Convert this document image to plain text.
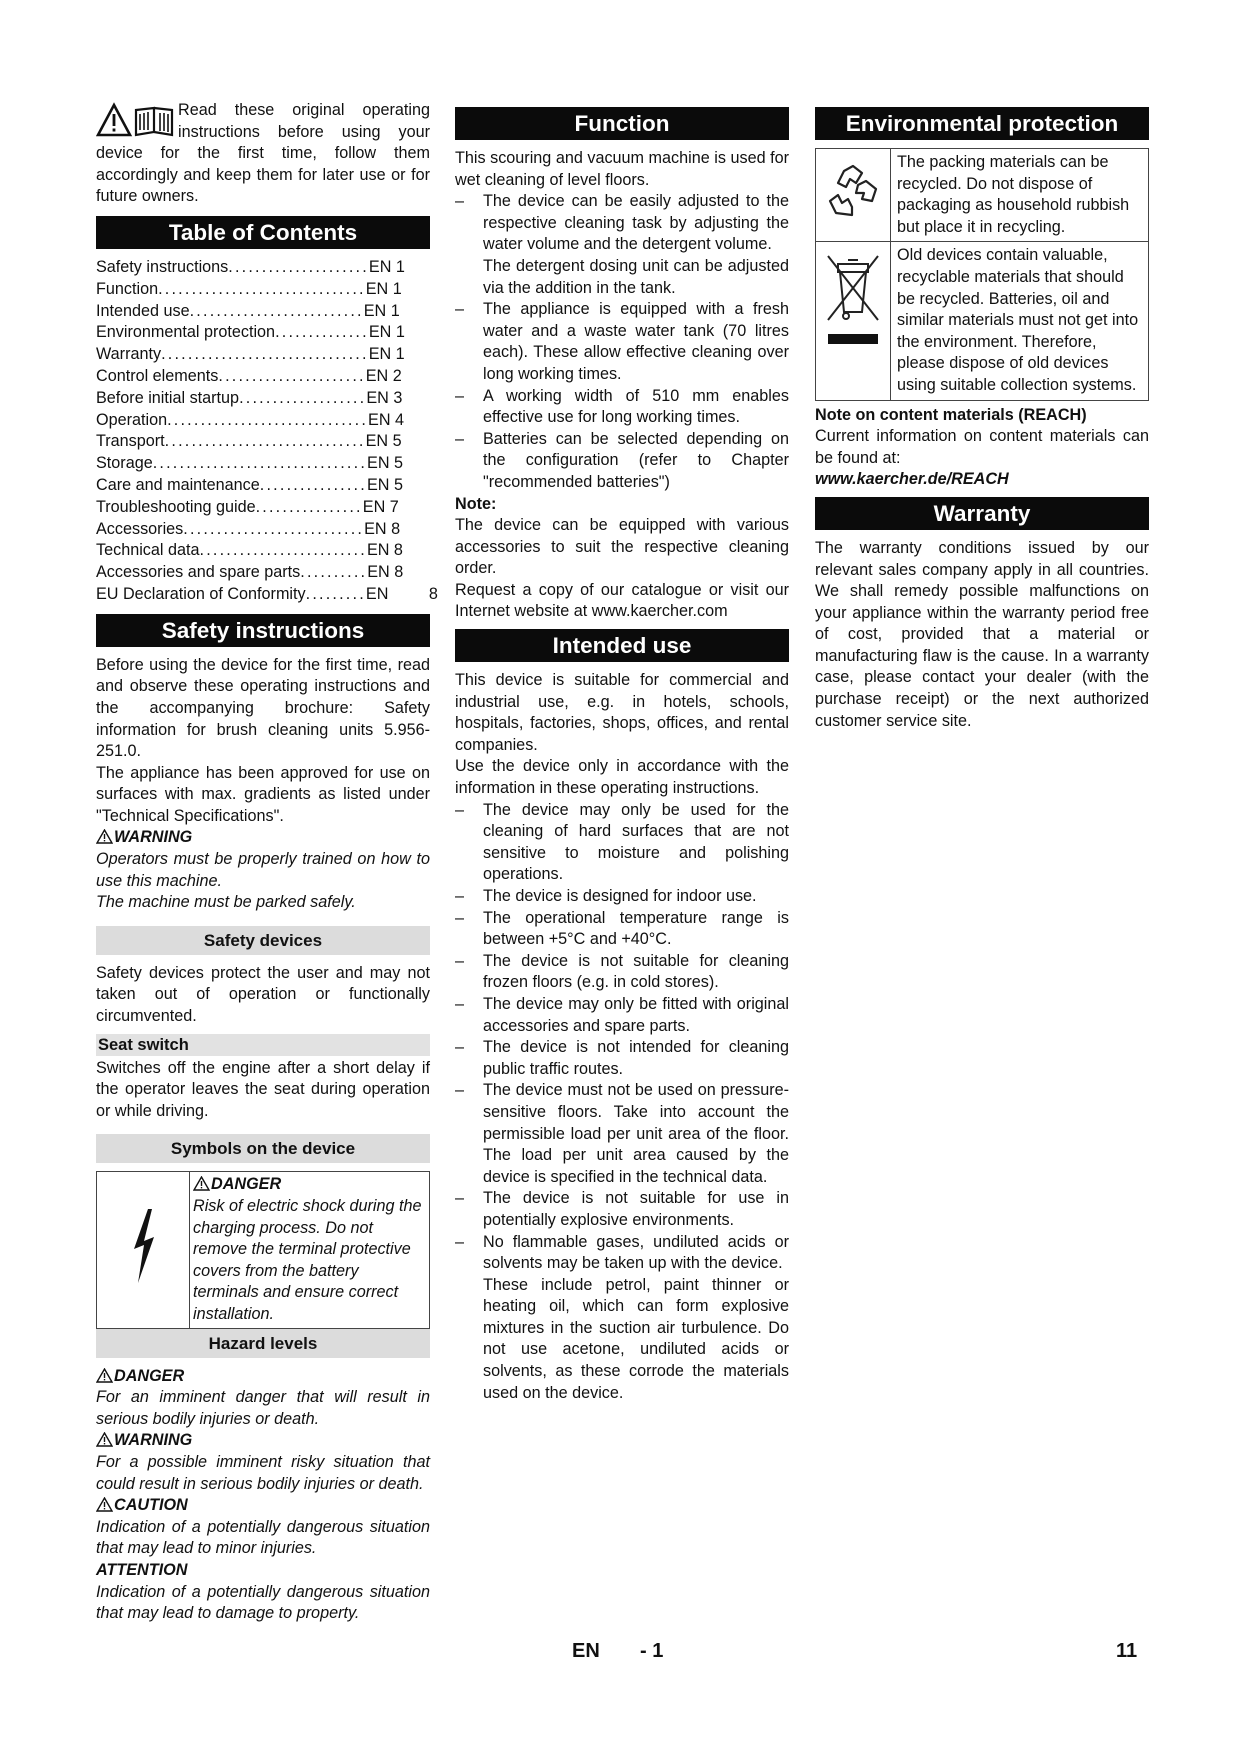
Read these original operating instructions before using your device for the first time, follow them accordingly and keep them for later use or for future owners.

Table of Contents
Safety instructions ..................... EN 1
Function ............................... EN 1
Intended use .......................... EN 1
Environmental protection .............. EN 1
Warranty ............................... EN 1
Control elements ...................... EN 2
Before initial startup ................... EN 3
Operation .............................. EN 4
Transport .............................. EN 5
Storage ................................ EN 5
Care and maintenance ................ EN 5
Troubleshooting guide ................ EN 7
Accessories ........................... EN 8
Technical data ......................... EN 8
Accessories and spare parts .......... EN 8
EU Declaration of Conformity ......... EN         8
Safety instructions

Before using the device for the first time, read and observe these operating instructions and the accompanying brochure: Safety information for brush cleaning units 5.956-251.0.

The appliance has been approved for use on surfaces with max. gradients as listed under "Technical Specifications".

WARNING

Operators must be properly trained on how to use this machine.

The machine must be parked safely.

Safety devices

Safety devices protect the user and may not taken out of operation or functionally circumvented.

Seat switch

Switches off the engine after a short delay if the operator leaves the seat during operation or while driving.

Symbols on the device

DANGER
Risk of electric shock during the charging process. Do not remove the terminal protective covers from the battery terminals and ensure correct installation.
Hazard levels
DANGER

For an imminent danger that will result in serious bodily injuries or death.

WARNING

For a possible imminent risky situation that could result in serious bodily injuries or death.

CAUTION

Indication of a potentially dangerous situation that may lead to minor injuries.

ATTENTION

Indication of a potentially dangerous situation that may lead to damage to property.

Function

This scouring and vacuum machine is used for wet cleaning of level floors.

– The device can be easily adjusted to the respective cleaning task by adjusting the water volume and the detergent volume.
The detergent dosing unit can be adjusted via the addition in the tank.
– The appliance is equipped with a fresh water and a waste water tank (70 litres each). These allow effective cleaning over long working times.
– A working width of 510 mm enables effective use for long working times.
– Batteries can be selected depending on the configuration (refer to Chapter "recommended batteries")
Note:

The device can be equipped with various accessories to suit the respective cleaning order.

Request a copy of our catalogue or visit our Internet website at www.kaercher.com

Intended use

This device is suitable for commercial and industrial use, e.g. in hotels, schools, hospitals, factories, shops, offices, and rental companies.

Use the device only in accordance with the information in these operating instructions.

– The device may only be used for the cleaning of hard surfaces that are not sensitive to moisture and polishing operations.
– The device is designed for indoor use.
– The operational temperature range is between +5°C and +40°C.
– The device is not suitable for cleaning frozen floors (e.g. in cold stores).
– The device may only be fitted with original accessories and spare parts.
– The device is not intended for cleaning public traffic routes.
– The device must not be used on pressure-sensitive floors. Take into account the permissible load per unit area of the floor. The load per unit area caused by the device is specified in the technical data.
– The device is not suitable for use in potentially explosive environments.
– No flammable gases, undiluted acids or solvents may be taken up with the device.
These include petrol, paint thinner or heating oil, which can form explosive mixtures in the suction air turbulence. Do not use acetone, undiluted acids or solvents, as these corrode the materials used on the device.
Environmental protection
	The packing materials can be recycled. Do not dispose of packaging as household rubbish but place it in recycling.
	Old devices contain valuable, recyclable materials that should be recycled. Batteries, oil and similar materials must not get into the environment. Therefore, please dispose of old devices using suitable collection systems.
Note on content materials (REACH)

Current information on content materials can be found at:

www.kaercher.de/REACH
Warranty

The warranty conditions issued by our relevant sales company apply in all countries. We shall remedy possible malfunctions on your appliance within the warranty period free of cost, provided that a material or manufacturing flaw is the cause. In a warranty case, please contact your dealer (with the purchase receipt) or the next authorized customer service site.

EN - 1	11
